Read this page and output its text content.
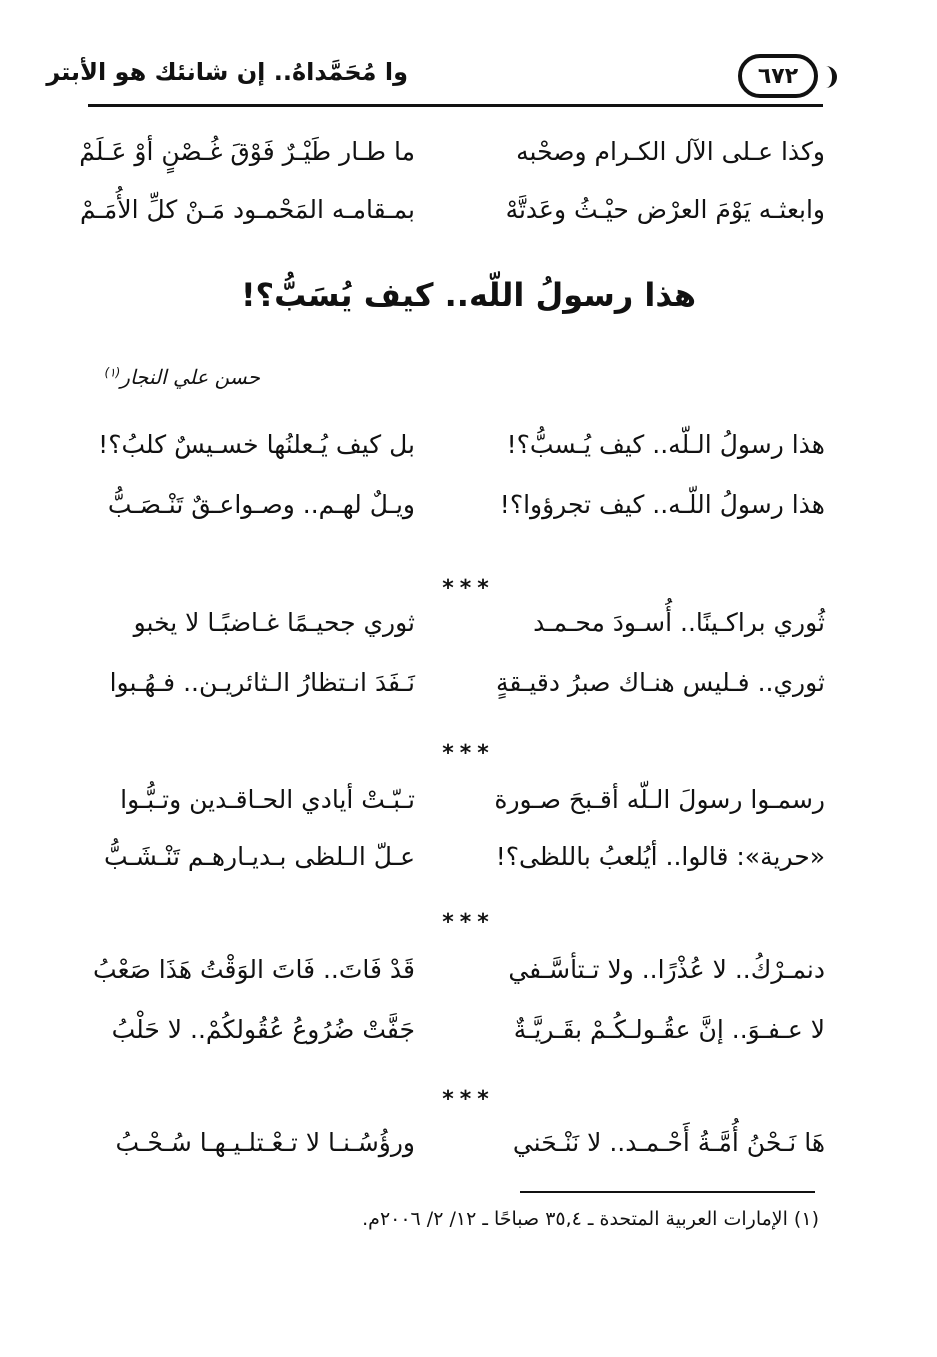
وا مُحَمَّداهُ.. إن شانئك هو الأبتر	٦٧٢
وكذا عـلى الآل الكـرام وصحْبه
ما طـار طَيْـرٌ فَوْقَ غُـصْنٍ أوْ عَـلَمْ
وابعثـه يَوْمَ العرْض حيْـثُ وعَدتَّهْ
بمـقامـه المَحْمـود مَـنْ كلِّ الأُمَـمْ
هذا رسولُ اللّه.. كيف يُسَبُّ؟!
حسن علي النجار$^{(١)}$
هذا رسولُ الـلّه.. كيف يُـسبُّ؟!
بل كيف يُـعلنُها خسـيسٌ كلبُ؟!
هذا رسولُ اللّـه.. كيف تجرؤوا؟!
ويـلٌ لهـم.. وصـواعـقٌ تَنْـصَـبُّ
***
ثُوري براكـينًا.. أُسـودَ محـمـد
ثوري جحيـمًا غـاضبًـا لا يخبو
ثوري.. فـليس هنـاك صبرُ دقيـقةٍ
نَـفَدَ انـتظارُ الـثائريـن.. فـهُـبوا
***
رسمـوا رسولَ الـلّه أقـبحَ صـورة
تـبّـتْ أيادي الحـاقـدين وتـبُّـوا
«حرية»: قالوا.. أيُلعبُ باللظى؟!
عـلّ الـلظى بـديـارهـم تَنْـشَـبُّ
***
دنمـرْكُ.. لا عُذْرًا.. ولا تـتأسَّـفي
قَدْ فَاتَ.. فَاتَ الوَقْتُ هَذَا صَعْبُ
لا عـفـوَ.. إنَّ عقُـولـكُـمْ بقَـريَّـةٌ
جَفَّتْ ضُرُوعُ عُقُولكُمْ.. لا حَلْبُ
***
هَا نَـحْنُ أُمَّـةُ أَحْـمـد.. لا نَنْـحَني
ورؤُسُـنـا لا تـعْـتلـيـهـا سُـحْـبُ
(١) الإمارات العربية المتحدة ـ ٣٥,٤ صباحًا ـ ١٢/ ٢/ ٢٠٠٦م.
